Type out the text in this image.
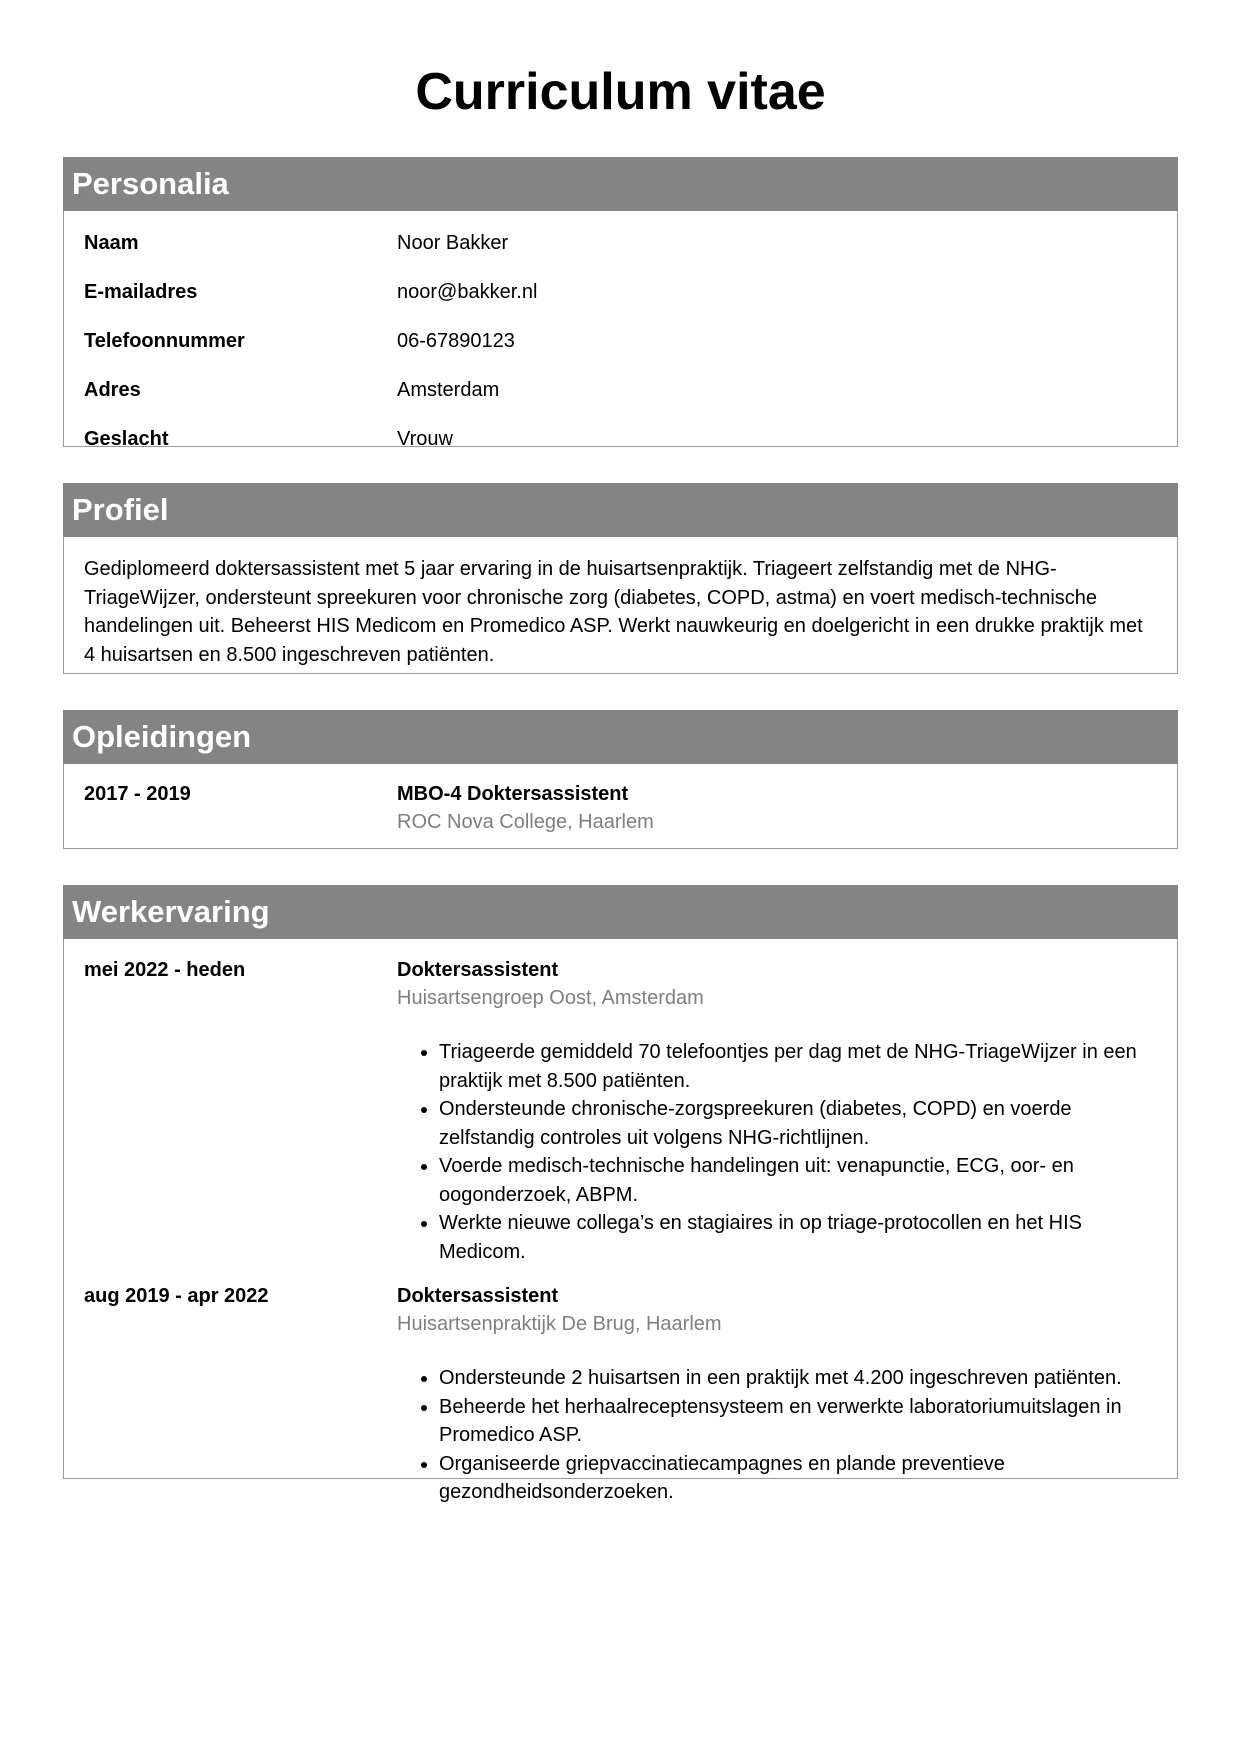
Curriculum vitae
Personalia
Naam	Noor Bakker
E-mailadres	noor@bakker.nl
Telefoonnummer	06-67890123
Adres	Amsterdam
Geslacht	Vrouw
Profiel

Gediplomeerd doktersassistent met 5 jaar ervaring in de huisartsenpraktijk. Triageert zelfstandig met de NHG-TriageWijzer, ondersteunt spreekuren voor chronische zorg (diabetes, COPD, astma) en voert medisch-technische handelingen uit. Beheerst HIS Medicom en Promedico ASP. Werkt nauwkeurig en doelgericht in een drukke praktijk met 4 huisartsen en 8.500 ingeschreven patiënten.

Opleidingen
2017 - 2019	MBO-4 Doktersassistent
ROC Nova College, Haarlem
Werkervaring
mei 2022 - heden	Doktersassistent
Huisartsengroep Oost, Amsterdam
• Triageerde gemiddeld 70 telefoontjes per dag met de NHG-TriageWijzer in een praktijk met 8.500 patiënten.
• Ondersteunde chronische-zorgspreekuren (diabetes, COPD) en voerde zelfstandig controles uit volgens NHG-richtlijnen.
• Voerde medisch-technische handelingen uit: venapunctie, ECG, oor- en oogonderzoek, ABPM.
• Werkte nieuwe collega’s en stagiaires in op triage-protocollen en het HIS Medicom.
aug 2019 - apr 2022	Doktersassistent
Huisartsenpraktijk De Brug, Haarlem
• Ondersteunde 2 huisartsen in een praktijk met 4.200 ingeschreven patiënten.
• Beheerde het herhaalreceptensysteem en verwerkte laboratoriumuitslagen in Promedico ASP.
• Organiseerde griepvaccinatiecampagnes en plande preventieve gezondheidsonderzoeken.
